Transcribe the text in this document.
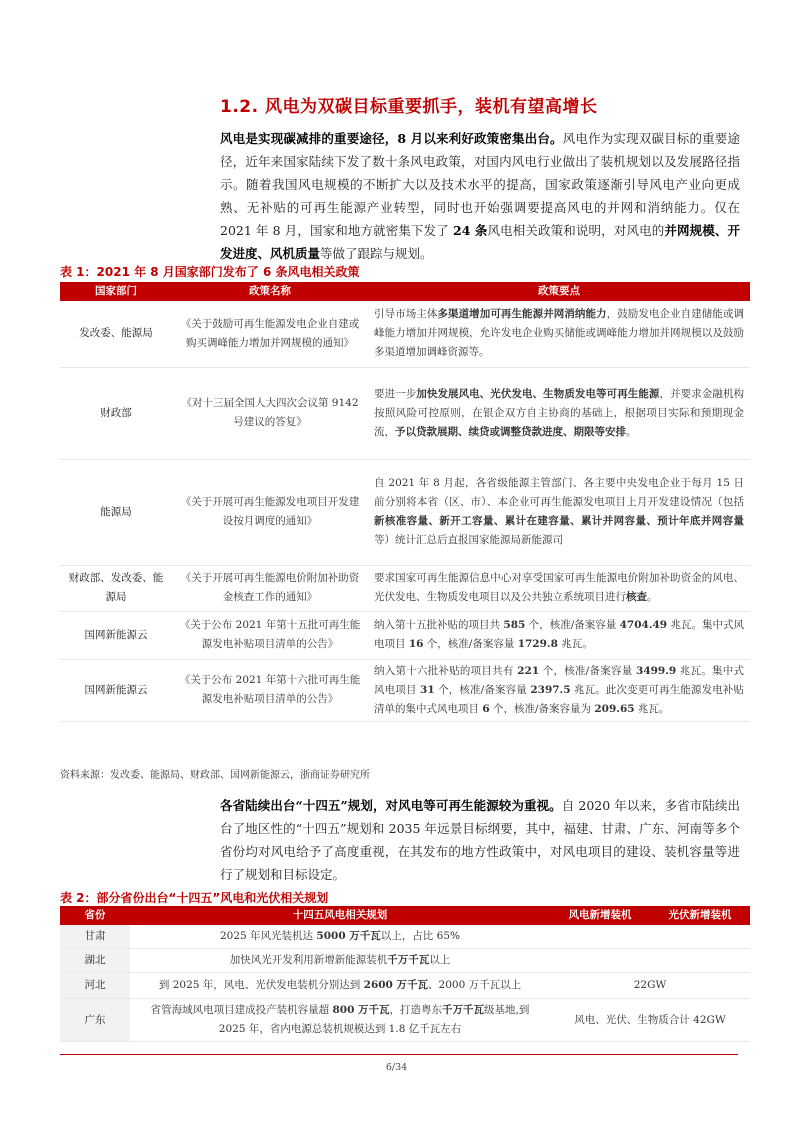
1.2. 风电为双碳目标重要抓手，装机有望高增长
风电是实现碳减排的重要途径，8 月以来利好政策密集出台。风电作为实现双碳目标的重要途径，近年来国家陆续下发了数十条风电政策，对国内风电行业做出了装机规划以及发展路径指示。随着我国风电规模的不断扩大以及技术水平的提高，国家政策逐渐引导风电产业向更成熟、无补贴的可再生能源产业转型，同时也开始强调要提高风电的并网和消纳能力。仅在 2021 年 8 月，国家和地方就密集下发了 24 条风电相关政策和说明，对风电的并网规模、开发进度、风机质量等做了跟踪与规划。
表 1：2021 年 8 月国家部门发布了 6 条风电相关政策
国家部门	政策名称	政策要点
发改委、能源局	《关于鼓励可再生能源发电企业自建或购买调峰能力增加并网规模的通知》	引导市场主体多渠道增加可再生能源并网消纳能力，鼓励发电企业自建储能或调峰能力增加并网规模，允许发电企业购买储能或调峰能力增加并网规模以及鼓励多渠道增加调峰资源等。
财政部	《对十三届全国人大四次会议第 9142 号建议的答复》	要进一步加快发展风电、光伏发电、生物质发电等可再生能源，并要求金融机构按照风险可控原则，在银企双方自主协商的基础上，根据项目实际和预期现金流，予以贷款展期、续贷或调整贷款进度、期限等安排。
能源局	《关于开展可再生能源发电项目开发建设按月调度的通知》	自 2021 年 8 月起，各省级能源主管部门、各主要中央发电企业于每月 15 日前分别将本省（区、市）、本企业可再生能源发电项目上月开发建设情况（包括新核准容量、新开工容量、累计在建容量、累计并网容量、预计年底并网容量等）统计汇总后直报国家能源局新能源司
财政部、发改委、能源局	《关于开展可再生能源电价附加补助资金核查工作的通知》	要求国家可再生能源信息中心对享受国家可再生能源电价附加补助资金的风电、光伏发电、生物质发电项目以及公共独立系统项目进行核查。
国网新能源云	《关于公布 2021 年第十五批可再生能源发电补贴项目清单的公告》	纳入第十五批补贴的项目共 585 个，核准/备案容量 4704.49 兆瓦。集中式风电项目 16 个，核准/备案容量 1729.8 兆瓦。
国网新能源云	《关于公布 2021 年第十六批可再生能源发电补贴项目清单的公告》	纳入第十六批补贴的项目共有 221 个，核准/备案容量 3499.9 兆瓦。集中式风电项目 31 个，核准/备案容量 2397.5 兆瓦。此次变更可再生能源发电补贴清单的集中式风电项目 6 个，核准/备案容量为 209.65 兆瓦。
资料来源：发改委、能源局、财政部、国网新能源云，浙商证券研究所
各省陆续出台“十四五”规划，对风电等可再生能源较为重视。自 2020 年以来，多省市陆续出台了地区性的“十四五”规划和 2035 年远景目标纲要，其中，福建、甘肃、广东、河南等多个省份均对风电给予了高度重视，在其发布的地方性政策中，对风电项目的建设、装机容量等进行了规划和目标设定。
表 2：部分省份出台“十四五”风电和光伏相关规划
省份	十四五风电相关规划	风电新增装机	光伏新增装机
甘肃	2025 年风光装机达 5000 万千瓦以上，占比 65%		
湖北	加快风光开发利用新增新能源装机千万千瓦以上		
河北	到 2025 年，风电、光伏发电装机分别达到 2600 万千瓦、2000 万千瓦以上	22GW	
广东	省管海域风电项目建成投产装机容量超 800 万千瓦，打造粤东千万千瓦级基地,到 2025 年，省内电源总装机规模达到 1.8 亿千瓦左右	风电、光伏、生物质合计 42GW	
6/34
